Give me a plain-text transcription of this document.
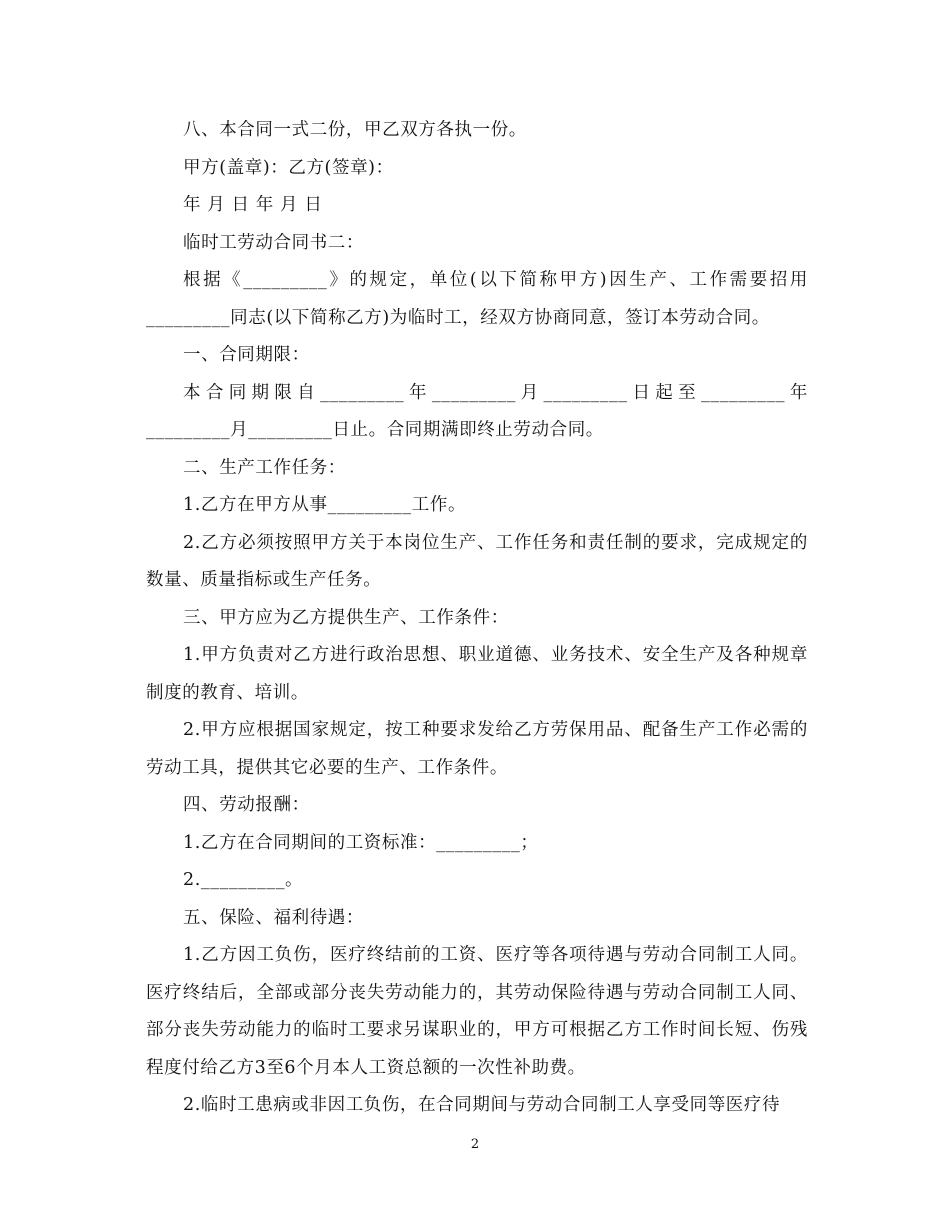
八、本合同一式二份，甲乙双方各执一份。

甲方(盖章)：乙方(签章)：

年 月 日 年 月 日

临时工劳动合同书二：

根据《_________》的规定，单位(以下简称甲方)因生产、工作需要招用_________同志(以下简称乙方)为临时工，经双方协商同意，签订本劳动合同。

一、合同期限：

本合同期限自_________年_________月_________日起至_________年_________月_________日止。合同期满即终止劳动合同。

二、生产工作任务：

1.乙方在甲方从事_________工作。

2.乙方必须按照甲方关于本岗位生产、工作任务和责任制的要求，完成规定的数量、质量指标或生产任务。

三、甲方应为乙方提供生产、工作条件：

1.甲方负责对乙方进行政治思想、职业道德、业务技术、安全生产及各种规章制度的教育、培训。

2.甲方应根据国家规定，按工种要求发给乙方劳保用品、配备生产工作必需的劳动工具，提供其它必要的生产、工作条件。

四、劳动报酬：

1.乙方在合同期间的工资标准：_________；

2._________。

五、保险、福利待遇：

1.乙方因工负伤，医疗终结前的工资、医疗等各项待遇与劳动合同制工人同。医疗终结后，全部或部分丧失劳动能力的，其劳动保险待遇与劳动合同制工人同、部分丧失劳动能力的临时工要求另谋职业的，甲方可根据乙方工作时间长短、伤残程度付给乙方3至6个月本人工资总额的一次性补助费。

2.临时工患病或非因工负伤，在合同期间与劳动合同制工人享受同等医疗待

2
